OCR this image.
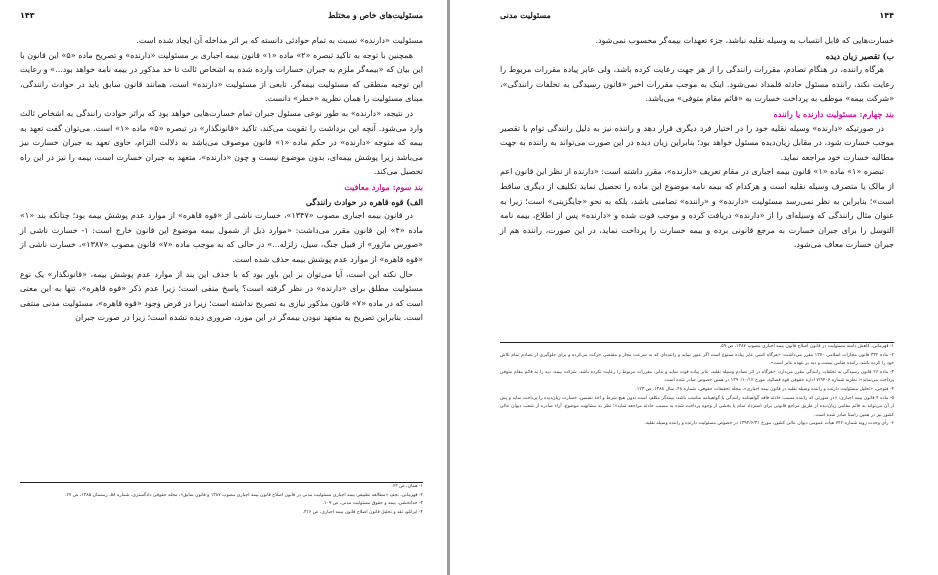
مسئولیت‌های خاص و مختلط
۱۴۳

مسئولیت «دارنده» نسبت به تمام حوادثی دانسته که بر اثر مداخله آن ایجاد شده است.

همچنین با توجه به تاکید تبصره «۲» ماده «۱» قانون بیمه اجباری بر مسئولیت «دارنده» و تصریح ماده «۵» این قانون با این بیان که «بیمه‌گر ملزم به جبران خسارات وارده شده به اشخاص ثالث تا حد مذکور در بیمه نامه خواهد بود...» و رعایت این توجیه منطقی که مسئولیت بیمه‌گر، تابعی از مسئولیت «دارنده» است، همانند قانون سابق باید در حوادث رانندگی، مبنای مسئولیت را همان نظریه «خطر» دانست.

در نتیجه، «دارنده» به طور نوعی مسئول جبران تمام خسارت‌هایی خواهد بود که براثر حوادث رانندگی به اشخاص ثالث وارد می‌شود. آنچه این برداشت را تقویت می‌کند، تاکید «قانونگذار» در تبصره «۵» ماده «۱» است. می‌توان گفت تعهد به بیمه که متوجه «دارنده» در حکم ماده «۱» قانون موصوف می‌باشد به دلالت التزام، حاوی تعهد به جبران خسارت نیز می‌باشد زیرا پوشش بیمه‌ای، بدون موضوع نیست و چون «دارنده»، متعهد به جبران خسارت است، بیمه را نیز در این راه تحصیل می‌کند.

بند سوم: موارد معافیت
الف) قوه قاهره در حوادث رانندگی

در قانون بیمه اجباری مصوب «۱۳۴۷»، خسارت ناشی از «قوه قاهره» از موارد عدم پوشش بیمه بود؛ چنانکه بند «۱» ماده «۴» این قانون مقرر می‌داشت: «موارد ذیل از شمول بیمه موضوع این قانون خارج است: ۱- خسارت ناشی از «صورس ماژور» از قبیل جنگ، سیل، زلزله...» در حالی که به موجب ماده «۷» قانون مصوب «۱۳۸۷»، خسارت ناشی از «قوه قاهره» از موارد عدم پوشش بیمه حذف شده است.

حال نکته این است، آیا می‌توان بر این باور بود که با حذف این بند از موارد عدم پوشش بیمه، «قانونگذار» یک نوع مسئولیت مطلق برای «دارنده» در نظر گرفته است؟ پاسخ منفی است؛ زیرا عدم ذکر «قوه قاهره»، تنها به این معنی است که در ماده «۷» قانون مذکور نیازی به تصریح نداشته است؛ زیرا در فرض وجود «قوه قاهره»، مسئولیت مدنی منتفی است. بنابراین تصریح به متعهد نبودن بیمه‌گر در این مورد، ضروری دیده نشده است؛ زیرا در صورت جبران

۱- همان، ص ۶۳.
۲- قهرمانی، نجف «مطالعه تطبیقی بیمه اجباری مسئولیت مدنی در قانون اصلاح قانون بیمه اجباری مصوب ۱۳۸۷ و قانون سابق»، مجله حقوقی دادگستری، شماره ۵۸، زمستان ۱۳۸۵، ص ۲۷.
۳- خدابخشی، بیمه و حقوق مسئولیت مدنی، ص ۱۰۹.
۴- ایزانلو، نقد و تحلیل قانون اصلاح قانون بیمه اجباری، ص ۳۱۶.
۱۴۴
مسئولیت مدنی

خسارت‌هایی که قابل انتساب به وسیله نقلیه نباشد، جزء تعهدات بیمه‌گر محسوب نمی‌شود.

ب) تقصیر زیان دیده

هرگاه راننده، در هنگام تصادم، مقررات رانندگی را از هر جهت رعایت کرده باشد، ولی عابر پیاده مقررات مربوط را رعایت نکند، راننده مسئول حادثه قلمداد نمی‌شود. اینک به موجب مقررات اخیر «قانون رسیدگی به تخلفات رانندگی»، «شرکت بیمه» موظف به پرداخت خسارت به «قائم مقام متوفی» می‌باشد.

بند چهارم: مسئولیت دارنده یا راننده

در صورتیکه «دارنده» وسیله نقلیه خود را در اختیار فرد دیگری قرار دهد و راننده نیز به دلیل رانندگی توام با تقصیر موجب خسارت شود، در مقابل زیان‌دیده مسئول خواهد بود؛ بنابراین زیان دیده در این صورت می‌تواند به راننده به جهت مطالبه خسارت خود مراجعه نماید.

تبصره «۱» ماده «۱» قانون بیمه اجباری در مقام تعریف «دارنده»، مقرر داشته است: «دارنده از نظر این قانون اعم از مالک یا متصرف وسیله نقلیه است و هرکدام که بیمه نامه موضوع این ماده را تحصیل نماید تکلیف از دیگری ساقط است»؛ بنابراین به نظر نمی‌رسد مسئولیت «دارنده» و «راننده» تضامنی باشد، بلکه به نحو «جایگزینی» است؛ زیرا به عنوان مثال رانندگی که وسیله‌ای را از «دارنده» دریافت کرده و موجب فوت شده و «دارنده» پس از اطلاع، بیمه نامه التوسل را برای جبران خسارت به مرجع قانونی برده و بیمه خسارت را پرداخت نماید، در این صورت، راننده هم از جبران خسارت معاف می‌شود.

۱- قهرمانی، کاهش دامنه مسئولیت در قانون اصلاح قانون بیمه اجباری مصوب ۱۳۸۷، ص ۵۹.
۲- ماده ۳۳۲ قانون مجازات اسلامی ۱۳۷۰ مقرر می‌داشت: «هرگاه کسی عابر پیاده ممنوع است اگر عبور نماید و راننده‌ای که به سرعت مجاز و مقتضی حرکت می‌کرده و برای جلوگیری از تصادم تمام تلاش خود را کرده باشد، راننده ضامن نیست و دیه بر عهده عابر است».
۳- ماده ۲۶ قانون رسیدگی به تخلفات رانندگی مقرر می‌دارد: «هرگاه در اثر تصادم وسیله نقلیه، عابر پیاده فوت نماید و عابر، مقررات مربوط را رعایت نکرده باشد، شرکت بیمه، دیه را به قائم مقام متوفی پرداخت می‌نماید»؛ نظریه شماره ۷/۹۴۰۶ اداره حقوقی قوه قضائیه، مورخ ۱۳۹۰/۱۰/۱۲ در همین خصوص صادر شده است.
۴- فتوحی، «تحلیل مسئولیت دارنده و راننده وسیله نقلیه در قانون بیمه اجباری»، مجله تحقیقات حقوقی، شماره ۴۸، سال ۱۳۸۸، ص ۱۲۳.
۵- ماده ۴ قانون بیمه اجباری: «در صورتی که راننده مسبب حادثه فاقد گواهینامه رانندگی یا گواهینامه مناسب باشد، بیمه‌گر مکلف است بدون هیچ شرط و اخذ تضمین، خسارت زیان‌دیده را پرداخت نماید و پس از آن می‌تواند به قائم مقامی زیان‌دیده از طریق مراجع قانونی برای استرداد تمام یا بخشی از وجوه پرداخت شده به مسبب حادثه مراجعه نماید»؛ نظر به مشابهت موضوع، آراء صادره از شعب دیوان عالی کشور نیز در همین راستا صادر شده است.
۶- رأی وحدت رویه شماره ۷۴۲ هیأت عمومی دیوان عالی کشور، مورخ ۱۳۹۴/۶/۳۱ در خصوص مسئولیت دارنده و راننده وسیله نقلیه.
